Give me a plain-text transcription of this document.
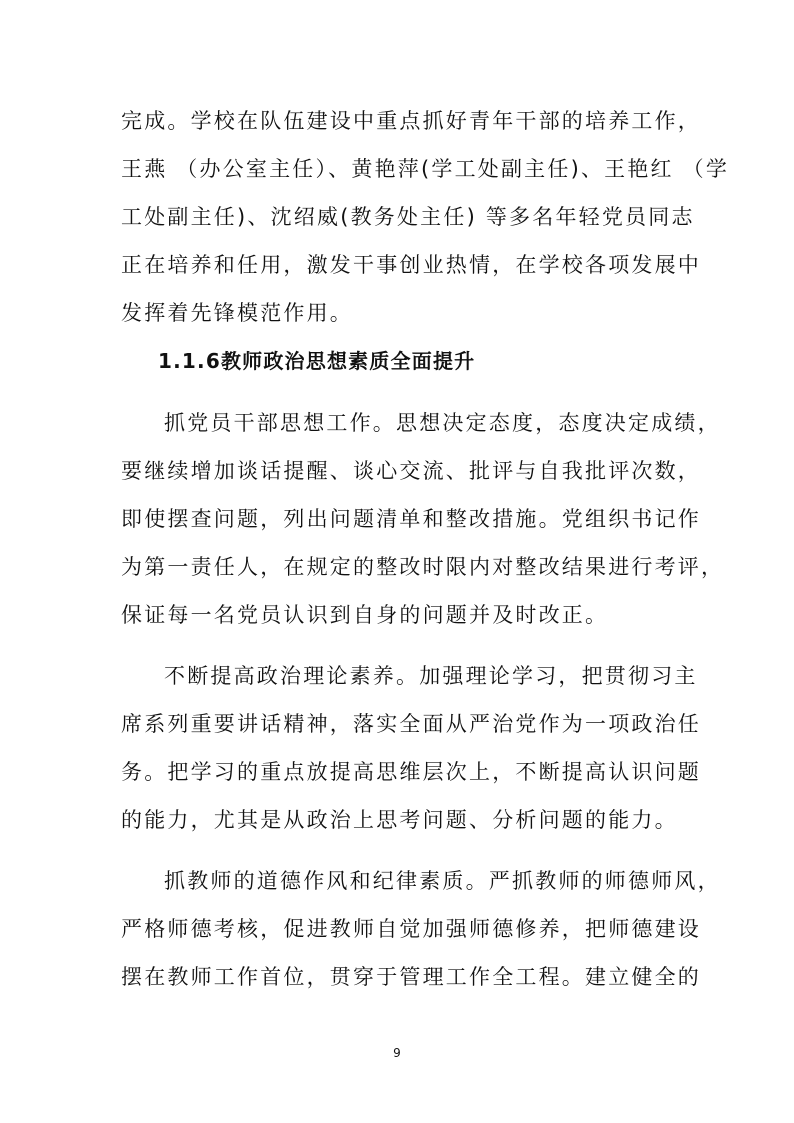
完成。学校在队伍建设中重点抓好青年干部的培养工作，
王燕 （办公室主任）、黄艳萍(学工处副主任)、王艳红 （学
工处副主任)、沈绍威(教务处主任) 等多名年轻党员同志
正在培养和任用，激发干事创业热情，在学校各项发展中
发挥着先锋模范作用。
1.1.6教师政治思想素质全面提升
抓党员干部思想工作。思想决定态度，态度决定成绩，
要继续增加谈话提醒、谈心交流、批评与自我批评次数，
即使摆查问题，列出问题清单和整改措施。党组织书记作
为第一责任人，在规定的整改时限内对整改结果进行考评，
保证每一名党员认识到自身的问题并及时改正。
不断提高政治理论素养。加强理论学习，把贯彻习主
席系列重要讲话精神，落实全面从严治党作为一项政治任
务。把学习的重点放提高思维层次上，不断提高认识问题
的能力，尤其是从政治上思考问题、分析问题的能力。
抓教师的道德作风和纪律素质。严抓教师的师德师风，
严格师德考核，促进教师自觉加强师德修养，把师德建设
摆在教师工作首位，贯穿于管理工作全工程。建立健全的
9
